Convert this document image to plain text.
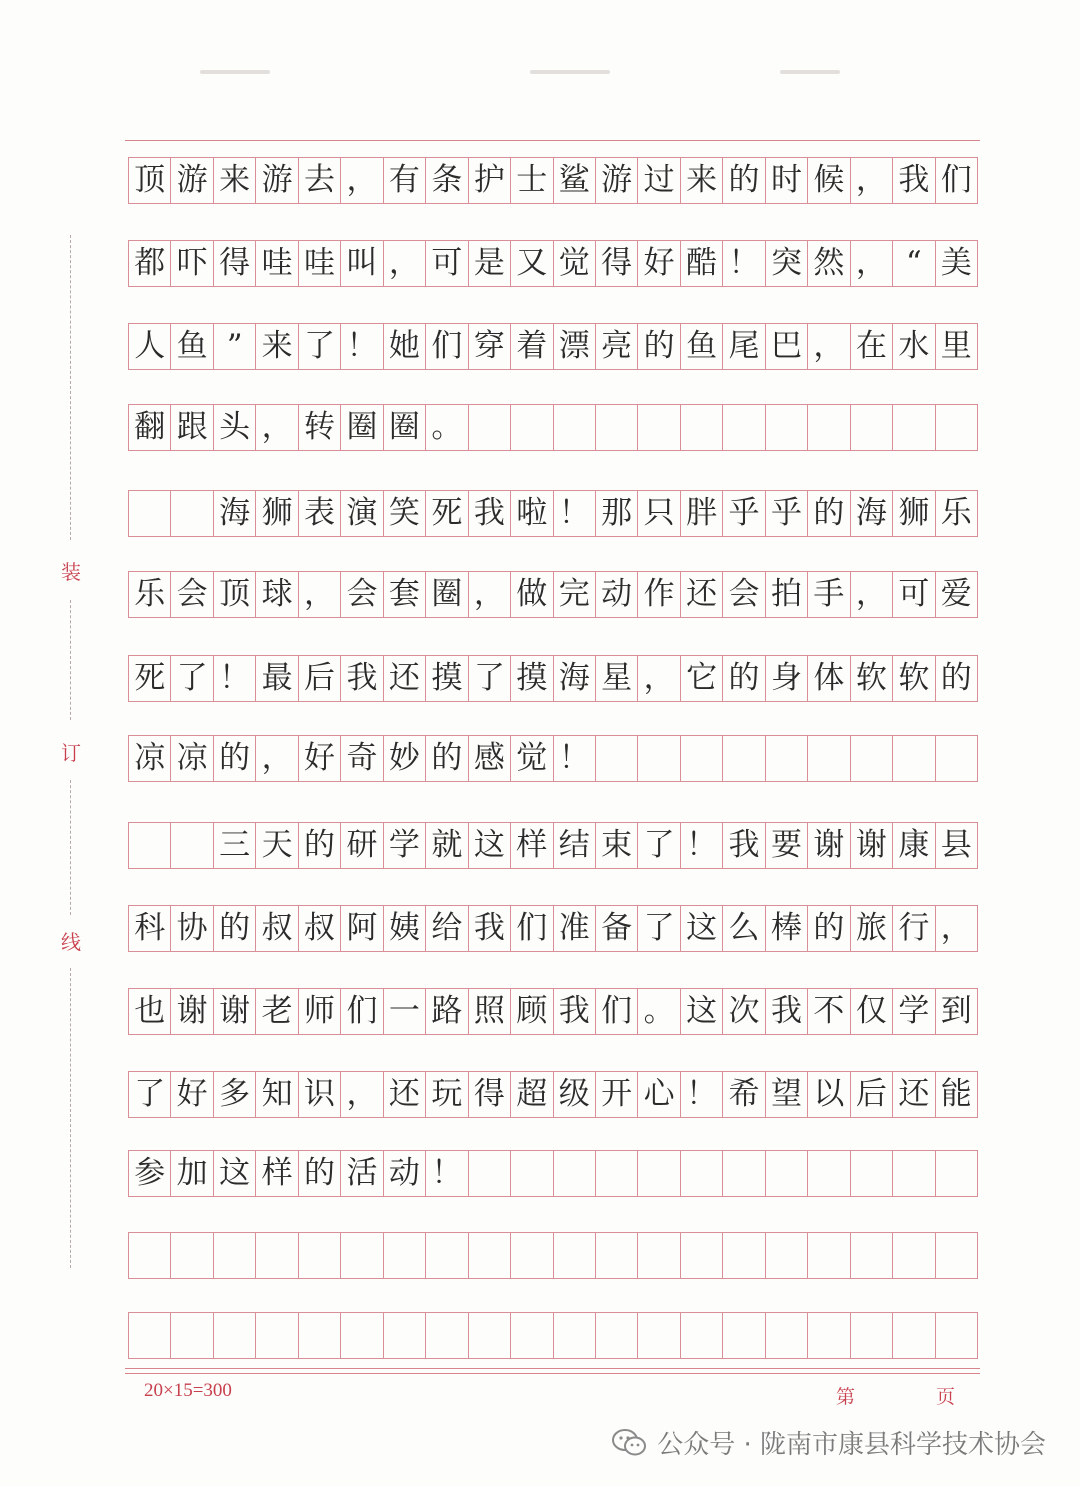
装
订
线
顶 游 来 游 去 ， 有 条 护 士 鲨 游 过 来 的 时 候 ， 我 们
都 吓 得 哇 哇 叫 ， 可 是 又 觉 得 好 酷 ！ 突 然 ， “ 美
人 鱼 ” 来 了 ！ 她 们 穿 着 漂 亮 的 鱼 尾 巴 ， 在 水 里
翻 跟 头 ， 转 圈 圈 。

海 狮 表 演 笑 死 我 啦 ！ 那 只 胖 乎 乎 的 海 狮 乐
乐 会 顶 球 ， 会 套 圈 ， 做 完 动 作 还 会 拍 手 ， 可 爱
死 了 ！ 最 后 我 还 摸 了 摸 海 星 ， 它 的 身 体 软 软 的
凉 凉 的 ， 好 奇 妙 的 感 觉 ！

三 天 的 研 学 就 这 样 结 束 了 ！ 我 要 谢 谢 康 县
科 协 的 叔 叔 阿 姨 给 我 们 准 备 了 这 么 棒 的 旅 行 ，
也 谢 谢 老 师 们 一 路 照 顾 我 们 。 这 次 我 不 仅 学 到
了 好 多 知 识 ， 还 玩 得 超 级 开 心 ！ 希 望 以 后 还 能
参 加 这 样 的 活 动 ！
20×15=300	第	页
公众号 · 陇南市康县科学技术协会
